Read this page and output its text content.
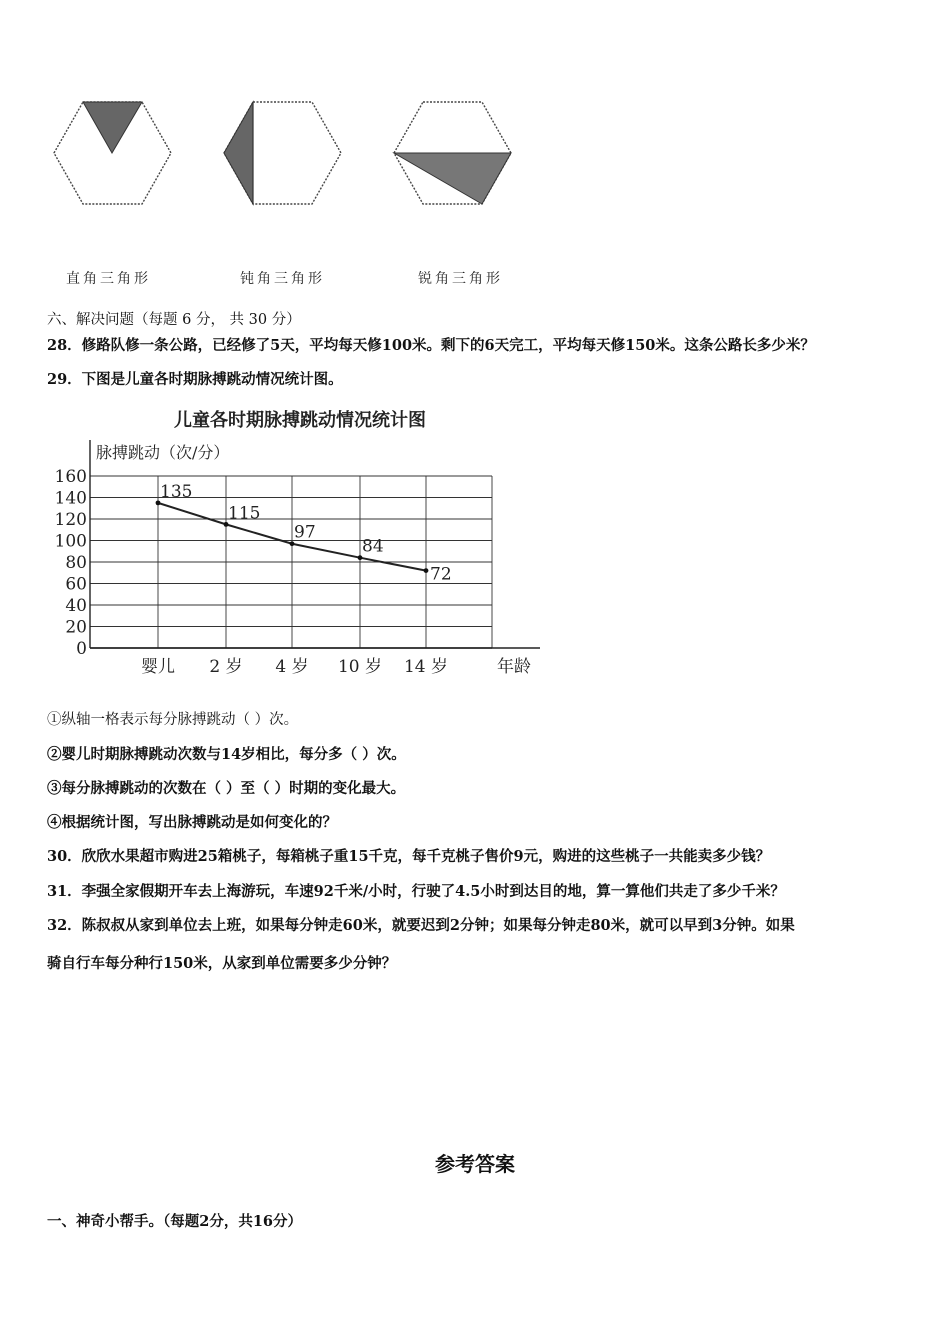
直角三角形	钝角三角形	锐角三角形
六、解决问题（每题 6 分， 共 30 分）
28．修路队修一条公路，已经修了5天，平均每天修100米。剩下的6天完工，平均每天修150米。这条公路长多少米？
29．下图是儿童各时期脉搏跳动情况统计图。
儿童各时期脉搏跳动情况统计图
脉搏跳动（次/分）
年龄
0
20
40
60
80
100
120
140
160
婴儿 2 岁 4 岁 10 岁 14 岁
135
115
97
84
72
①纵轴一格表示每分脉搏跳动（ ）次。
②婴儿时期脉搏跳动次数与14岁相比，每分多（ ）次。
③每分脉搏跳动的次数在（ ）至（ ）时期的变化最大。
④根据统计图，写出脉搏跳动是如何变化的？
30．欣欣水果超市购进25箱桃子，每箱桃子重15千克，每千克桃子售价9元，购进的这些桃子一共能卖多少钱？
31．李强全家假期开车去上海游玩，车速92千米/小时，行驶了4.5小时到达目的地，算一算他们共走了多少千米？
32．陈叔叔从家到单位去上班，如果每分钟走60米，就要迟到2分钟；如果每分钟走80米，就可以早到3分钟。如果
骑自行车每分种行150米，从家到单位需要多少分钟？
参考答案
一、神奇小帮手。（每题2分，共16分）
